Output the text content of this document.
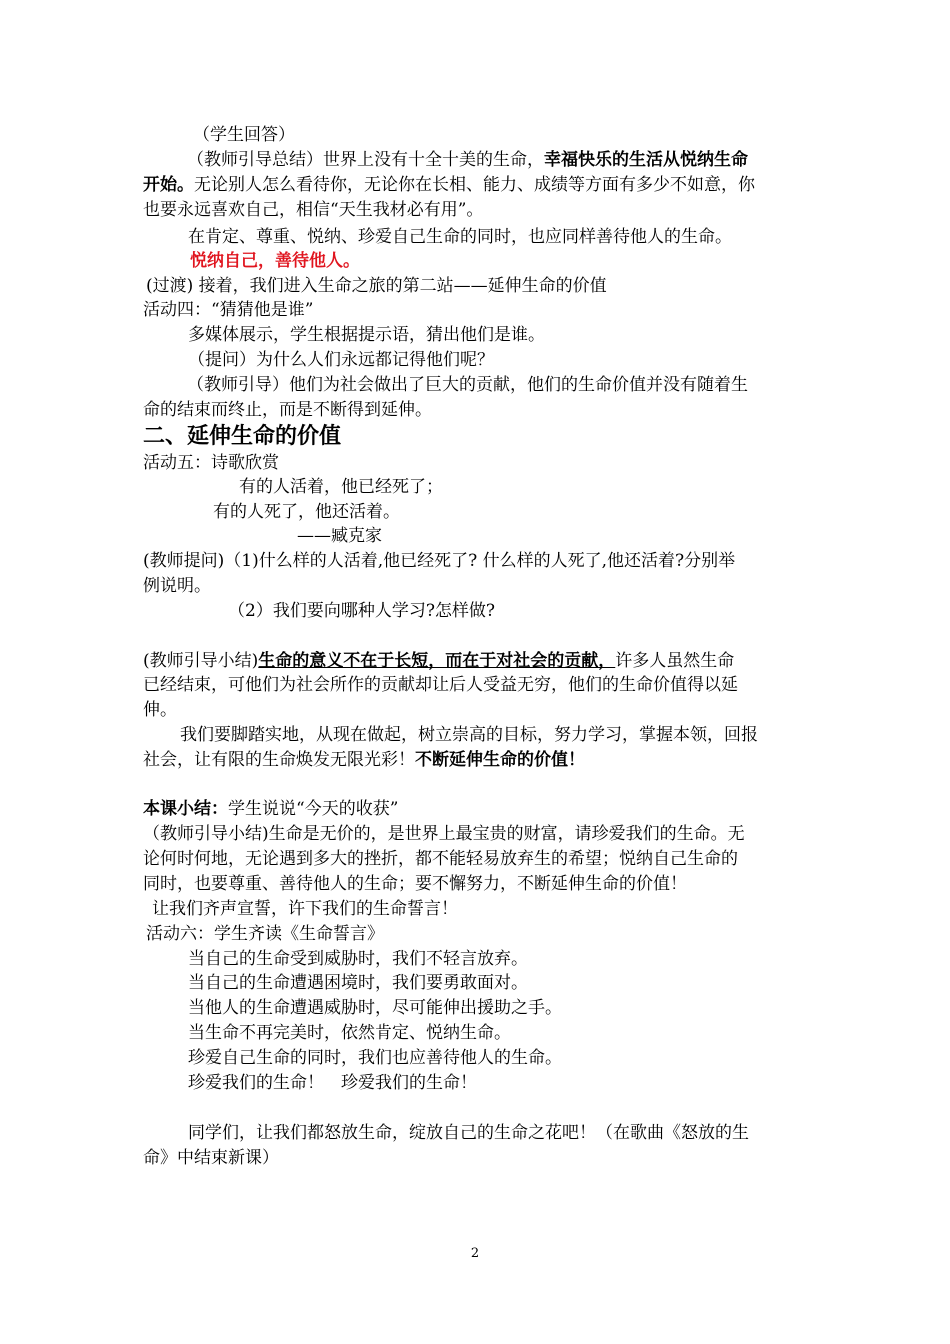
（学生回答）
（教师引导总结）世界上没有十全十美的生命，幸福快乐的生活从悦纳生命
开始。无论别人怎么看待你，无论你在长相、能力、成绩等方面有多少不如意，你
也要永远喜欢自己，相信“天生我材必有用”。
在肯定、尊重、悦纳、珍爱自己生命的同时，也应同样善待他人的生命。
悦纳自己，善待他人。
(过渡) 接着，我们进入生命之旅的第二站——延伸生命的价值
活动四：“猜猜他是谁”
多媒体展示，学生根据提示语，猜出他们是谁。
（提问）为什么人们永远都记得他们呢？
（教师引导）他们为社会做出了巨大的贡献，他们的生命价值并没有随着生
命的结束而终止，而是不断得到延伸。
二、延伸生命的价值
活动五：诗歌欣赏
有的人活着，他已经死了；
有的人死了，他还活着。
——臧克家
(教师提问)（1)什么样的人活着,他已经死了? 什么样的人死了,他还活着?分别举
例说明。
（2）我们要向哪种人学习?怎样做?
(教师引导小结)生命的意义不在于长短，而在于对社会的贡献，许多人虽然生命
已经结束，可他们为社会所作的贡献却让后人受益无穷，他们的生命价值得以延
伸。
我们要脚踏实地，从现在做起，树立崇高的目标，努力学习，掌握本领，回报
社会，让有限的生命焕发无限光彩！不断延伸生命的价值！
本课小结：学生说说“今天的收获”
（教师引导小结)生命是无价的，是世界上最宝贵的财富，请珍爱我们的生命。无
论何时何地，无论遇到多大的挫折，都不能轻易放弃生的希望；悦纳自己生命的
同时，也要尊重、善待他人的生命；要不懈努力，不断延伸生命的价值！
让我们齐声宣誓，许下我们的生命誓言！
活动六：学生齐读《生命誓言》
当自己的生命受到威胁时，我们不轻言放弃。
当自己的生命遭遇困境时，我们要勇敢面对。
当他人的生命遭遇威胁时，尽可能伸出援助之手。
当生命不再完美时，依然肯定、悦纳生命。
珍爱自己生命的同时，我们也应善待他人的生命。
珍爱我们的生命！　珍爱我们的生命！
同学们，让我们都怒放生命，绽放自己的生命之花吧！（在歌曲《怒放的生
命》中结束新课）
2
